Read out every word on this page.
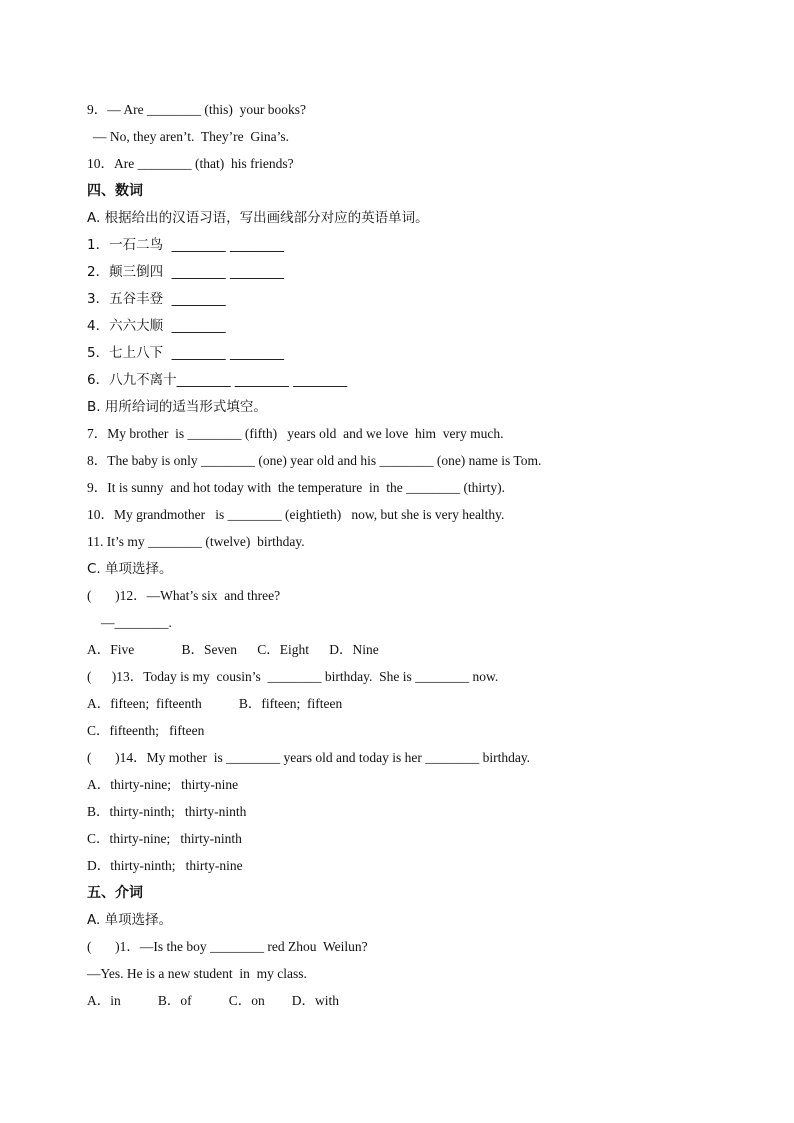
9．— Are ________ (this)  your books?
— No, they aren’t.  They’re  Gina’s.
10．Are ________ (that)  his friends?
四、数词
A. 根据给出的汉语习语，写出画线部分对应的英语单词。
1．一石二鸟  ________ ________
2．颠三倒四  ________ ________
3．五谷丰登  ________
4．六六大顺  ________
5．七上八下  ________ ________
6．八九不离十________ ________ ________
B. 用所给词的适当形式填空。
7．My brother  is ________ (fifth)   years old  and we love  him  very much.
8．The baby is only ________ (one) year old and his ________ (one) name is Tom.
9．It is sunny  and hot today with  the temperature  in  the ________ (thirty).
10．My grandmother   is ________ (eightieth)   now, but she is very healthy.
11. It’s my ________ (twelve)  birthday.
C. 单项选择。
(       )12．—What’s six  and three?
—________.
A．Five              B．Seven      C．Eight      D．Nine
(      )13．Today is my  cousin’s  ________ birthday.  She is ________ now.
A．fifteen;  fifteenth           B．fifteen;  fifteen
C．fifteenth;   fifteen
(       )14．My mother  is ________ years old and today is her ________ birthday.
A．thirty-nine;   thirty-nine
B．thirty-ninth;   thirty-ninth
C．thirty-nine;   thirty-ninth
D．thirty-ninth;   thirty-nine
五、介词
A. 单项选择。
(       )1．—Is the boy ________ red Zhou  Weilun?
—Yes. He is a new student  in  my class.
A．in           B．of           C．on        D．with
